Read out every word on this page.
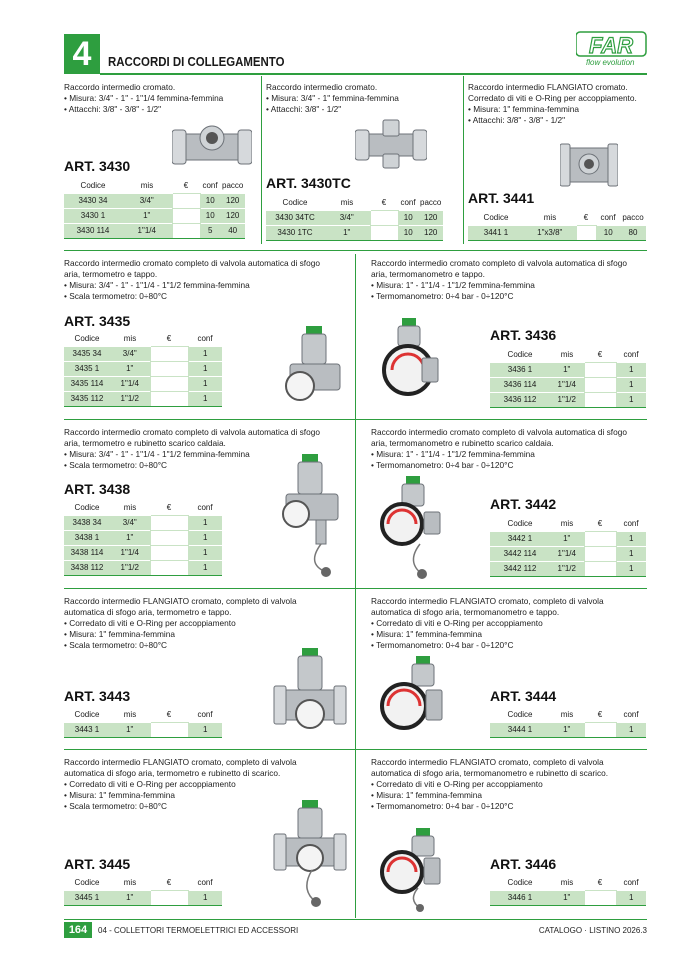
4	RACCORDI DI COLLEGAMENTO
FAR
flow evolution
Raccordo intermedio cromato.
• Misura: 3/4" - 1" - 1"1/4 femmina-femmina
• Attacchi: 3/8" - 3/8" - 1/2"
ART. 3430
Codice	mis	€	conf	pacco
3430 34	3/4"		10	120
3430 1	1"		10	120
3430 114	1"1/4		5	40
Raccordo intermedio cromato.
• Misura: 3/4" - 1" femmina-femmina
• Attacchi: 3/8" - 1/2"
ART. 3430TC
Codice	mis	€	conf	pacco
3430 34TC	3/4"		10	120
3430 1TC	1"		10	120
Raccordo intermedio FLANGIATO cromato.
Corredato di viti e O-Ring per accoppiamento.
• Misura: 1" femmina-femmina
• Attacchi: 3/8" - 3/8" - 1/2"
ART. 3441
Codice	mis	€	conf	pacco
3441 1	1"x3/8"		10	80
Raccordo intermedio cromato completo di valvola automatica di sfogo
aria, termometro e tappo.
• Misura: 3/4" - 1" - 1"1/4 - 1"1/2 femmina-femmina
• Scala termometro: 0÷80°C
ART. 3435
Codice	mis	€	conf
3435 34	3/4"		1
3435 1	1"		1
3435 114	1"1/4		1
3435 112	1"1/2		1
Raccordo intermedio cromato completo di valvola automatica di sfogo
aria, termomanometro e tappo.
• Misura: 1" - 1"1/4 - 1"1/2 femmina-femmina
• Termomanometro: 0÷4 bar - 0÷120°C
ART. 3436
Codice	mis	€	conf
3436 1	1"		1
3436 114	1"1/4		1
3436 112	1"1/2		1
Raccordo intermedio cromato completo di valvola automatica di sfogo
aria, termometro e rubinetto scarico caldaia.
• Misura: 3/4" - 1" - 1"1/4 - 1"1/2 femmina-femmina
• Scala termometro: 0÷80°C
ART. 3438
Codice	mis	€	conf
3438 34	3/4"		1
3438 1	1"		1
3438 114	1"1/4		1
3438 112	1"1/2		1
Raccordo intermedio cromato completo di valvola automatica di sfogo
aria, termomanometro e rubinetto scarico caldaia.
• Misura: 1" - 1"1/4 - 1"1/2 femmina-femmina
• Termomanometro: 0÷4 bar - 0÷120°C
ART. 3442
Codice	mis	€	conf
3442 1	1"		1
3442 114	1"1/4		1
3442 112	1"1/2		1
Raccordo intermedio FLANGIATO cromato, completo di valvola
automatica di sfogo aria, termometro e tappo.
• Corredato di viti e O-Ring per accoppiamento
• Misura: 1" femmina-femmina
• Scala termometro: 0÷80°C
ART. 3443
Codice	mis	€	conf
3443 1	1"		1
Raccordo intermedio FLANGIATO cromato, completo di valvola
automatica di sfogo aria, termomanometro e tappo.
• Corredato di viti e O-Ring per accoppiamento
• Misura: 1" femmina-femmina
• Termomanometro: 0÷4 bar - 0÷120°C
ART. 3444
Codice	mis	€	conf
3444 1	1"		1
Raccordo intermedio FLANGIATO cromato, completo di valvola
automatica di sfogo aria, termometro e rubinetto di scarico.
• Corredato di viti e O-Ring per accoppiamento
• Misura: 1" femmina-femmina
• Scala termometro: 0÷80°C
ART. 3445
Codice	mis	€	conf
3445 1	1"		1
Raccordo intermedio FLANGIATO cromato, completo di valvola
automatica di sfogo aria, termomanometro e rubinetto di scarico.
• Corredato di viti e O-Ring per accoppiamento
• Misura: 1" femmina-femmina
• Termomanometro: 0÷4 bar - 0÷120°C
ART. 3446
Codice	mis	€	conf
3446 1	1"		1
164	04 - COLLETTORI TERMOELETTRICI ED ACCESSORI	CATALOGO · LISTINO 2026.3
